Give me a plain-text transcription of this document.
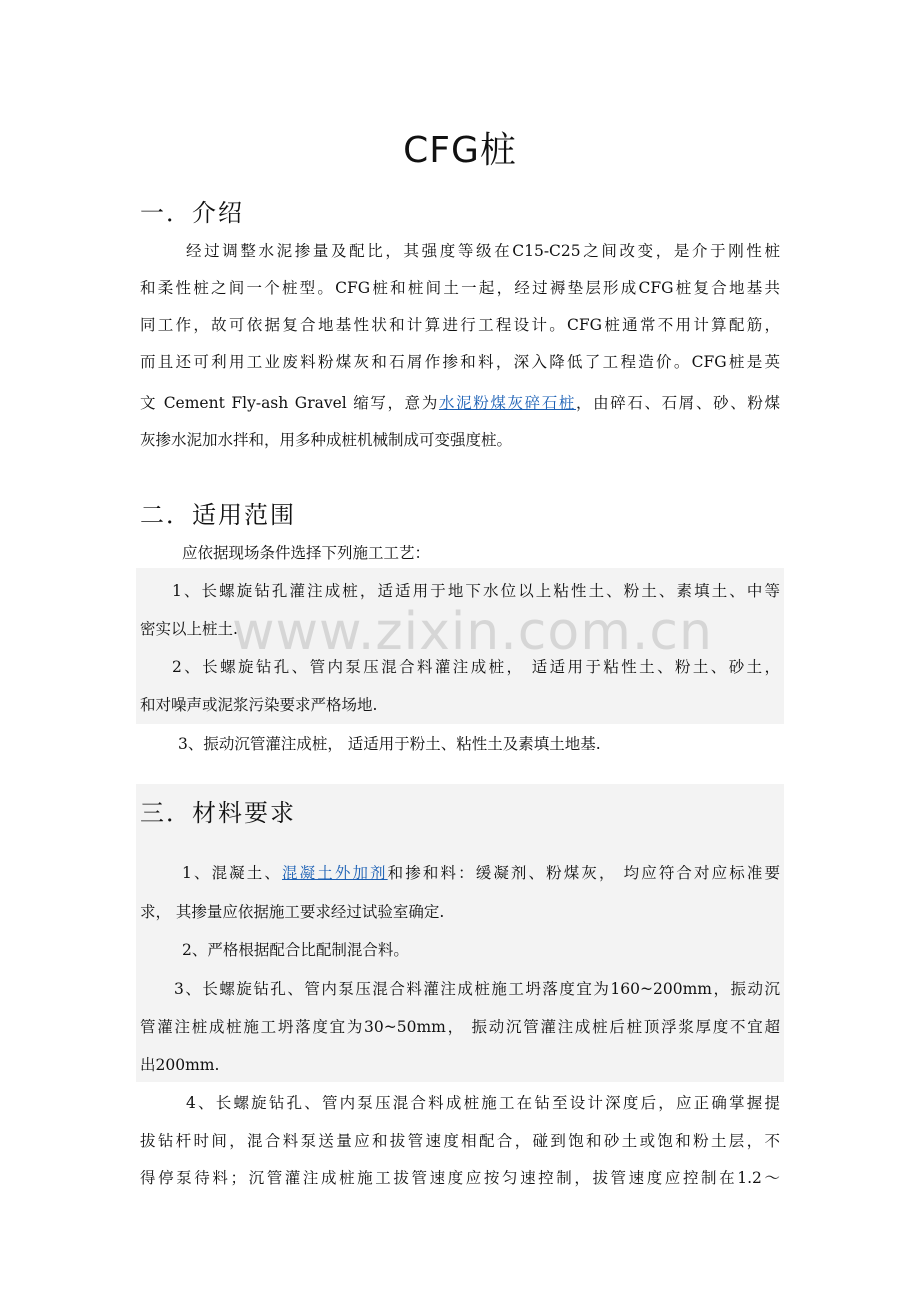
CFG桩
一．介绍
经过调整水泥掺量及配比，其强度等级在C15-C25之间改变，是介于刚性桩
和柔性桩之间一个桩型。CFG桩和桩间土一起，经过褥垫层形成CFG桩复合地基共
同工作，故可依据复合地基性状和计算进行工程设计。CFG桩通常不用计算配筋，
而且还可利用工业废料粉煤灰和石屑作掺和料，深入降低了工程造价。CFG桩是英
文 Cement Fly-ash Gravel 缩写，意为水泥粉煤灰碎石桩，由碎石、石屑、砂、粉煤
灰掺水泥加水拌和，用多种成桩机械制成可变强度桩。
二．适用范围
应依据现场条件选择下列施工工艺：
1、长螺旋钻孔灌注成桩，适适用于地下水位以上粘性土、粉土、素填土、中等
密实以上桩土.
2、长螺旋钻孔、管内泵压混合料灌注成桩， 适适用于粘性土、粉土、砂土，
和对噪声或泥浆污染要求严格场地.
3、振动沉管灌注成桩， 适适用于粉土、粘性土及素填土地基.
三．材料要求
1、混凝土、混凝土外加剂和掺和料：缓凝剂、粉煤灰， 均应符合对应标准要
求， 其掺量应依据施工要求经过试验室确定.
2、严格根据配合比配制混合料。
3、长螺旋钻孔、管内泵压混合料灌注成桩施工坍落度宜为160~200mm，振动沉
管灌注桩成桩施工坍落度宜为30~50mm， 振动沉管灌注成桩后桩顶浮浆厚度不宜超
出200mm.
4、长螺旋钻孔、管内泵压混合料成桩施工在钻至设计深度后，应正确掌握提
拔钻杆时间，混合料泵送量应和拔管速度相配合，碰到饱和砂土或饱和粉土层，不
得停泵待料；沉管灌注成桩施工拔管速度应按匀速控制，拔管速度应控制在1.2～
www.zixin.com.cn
